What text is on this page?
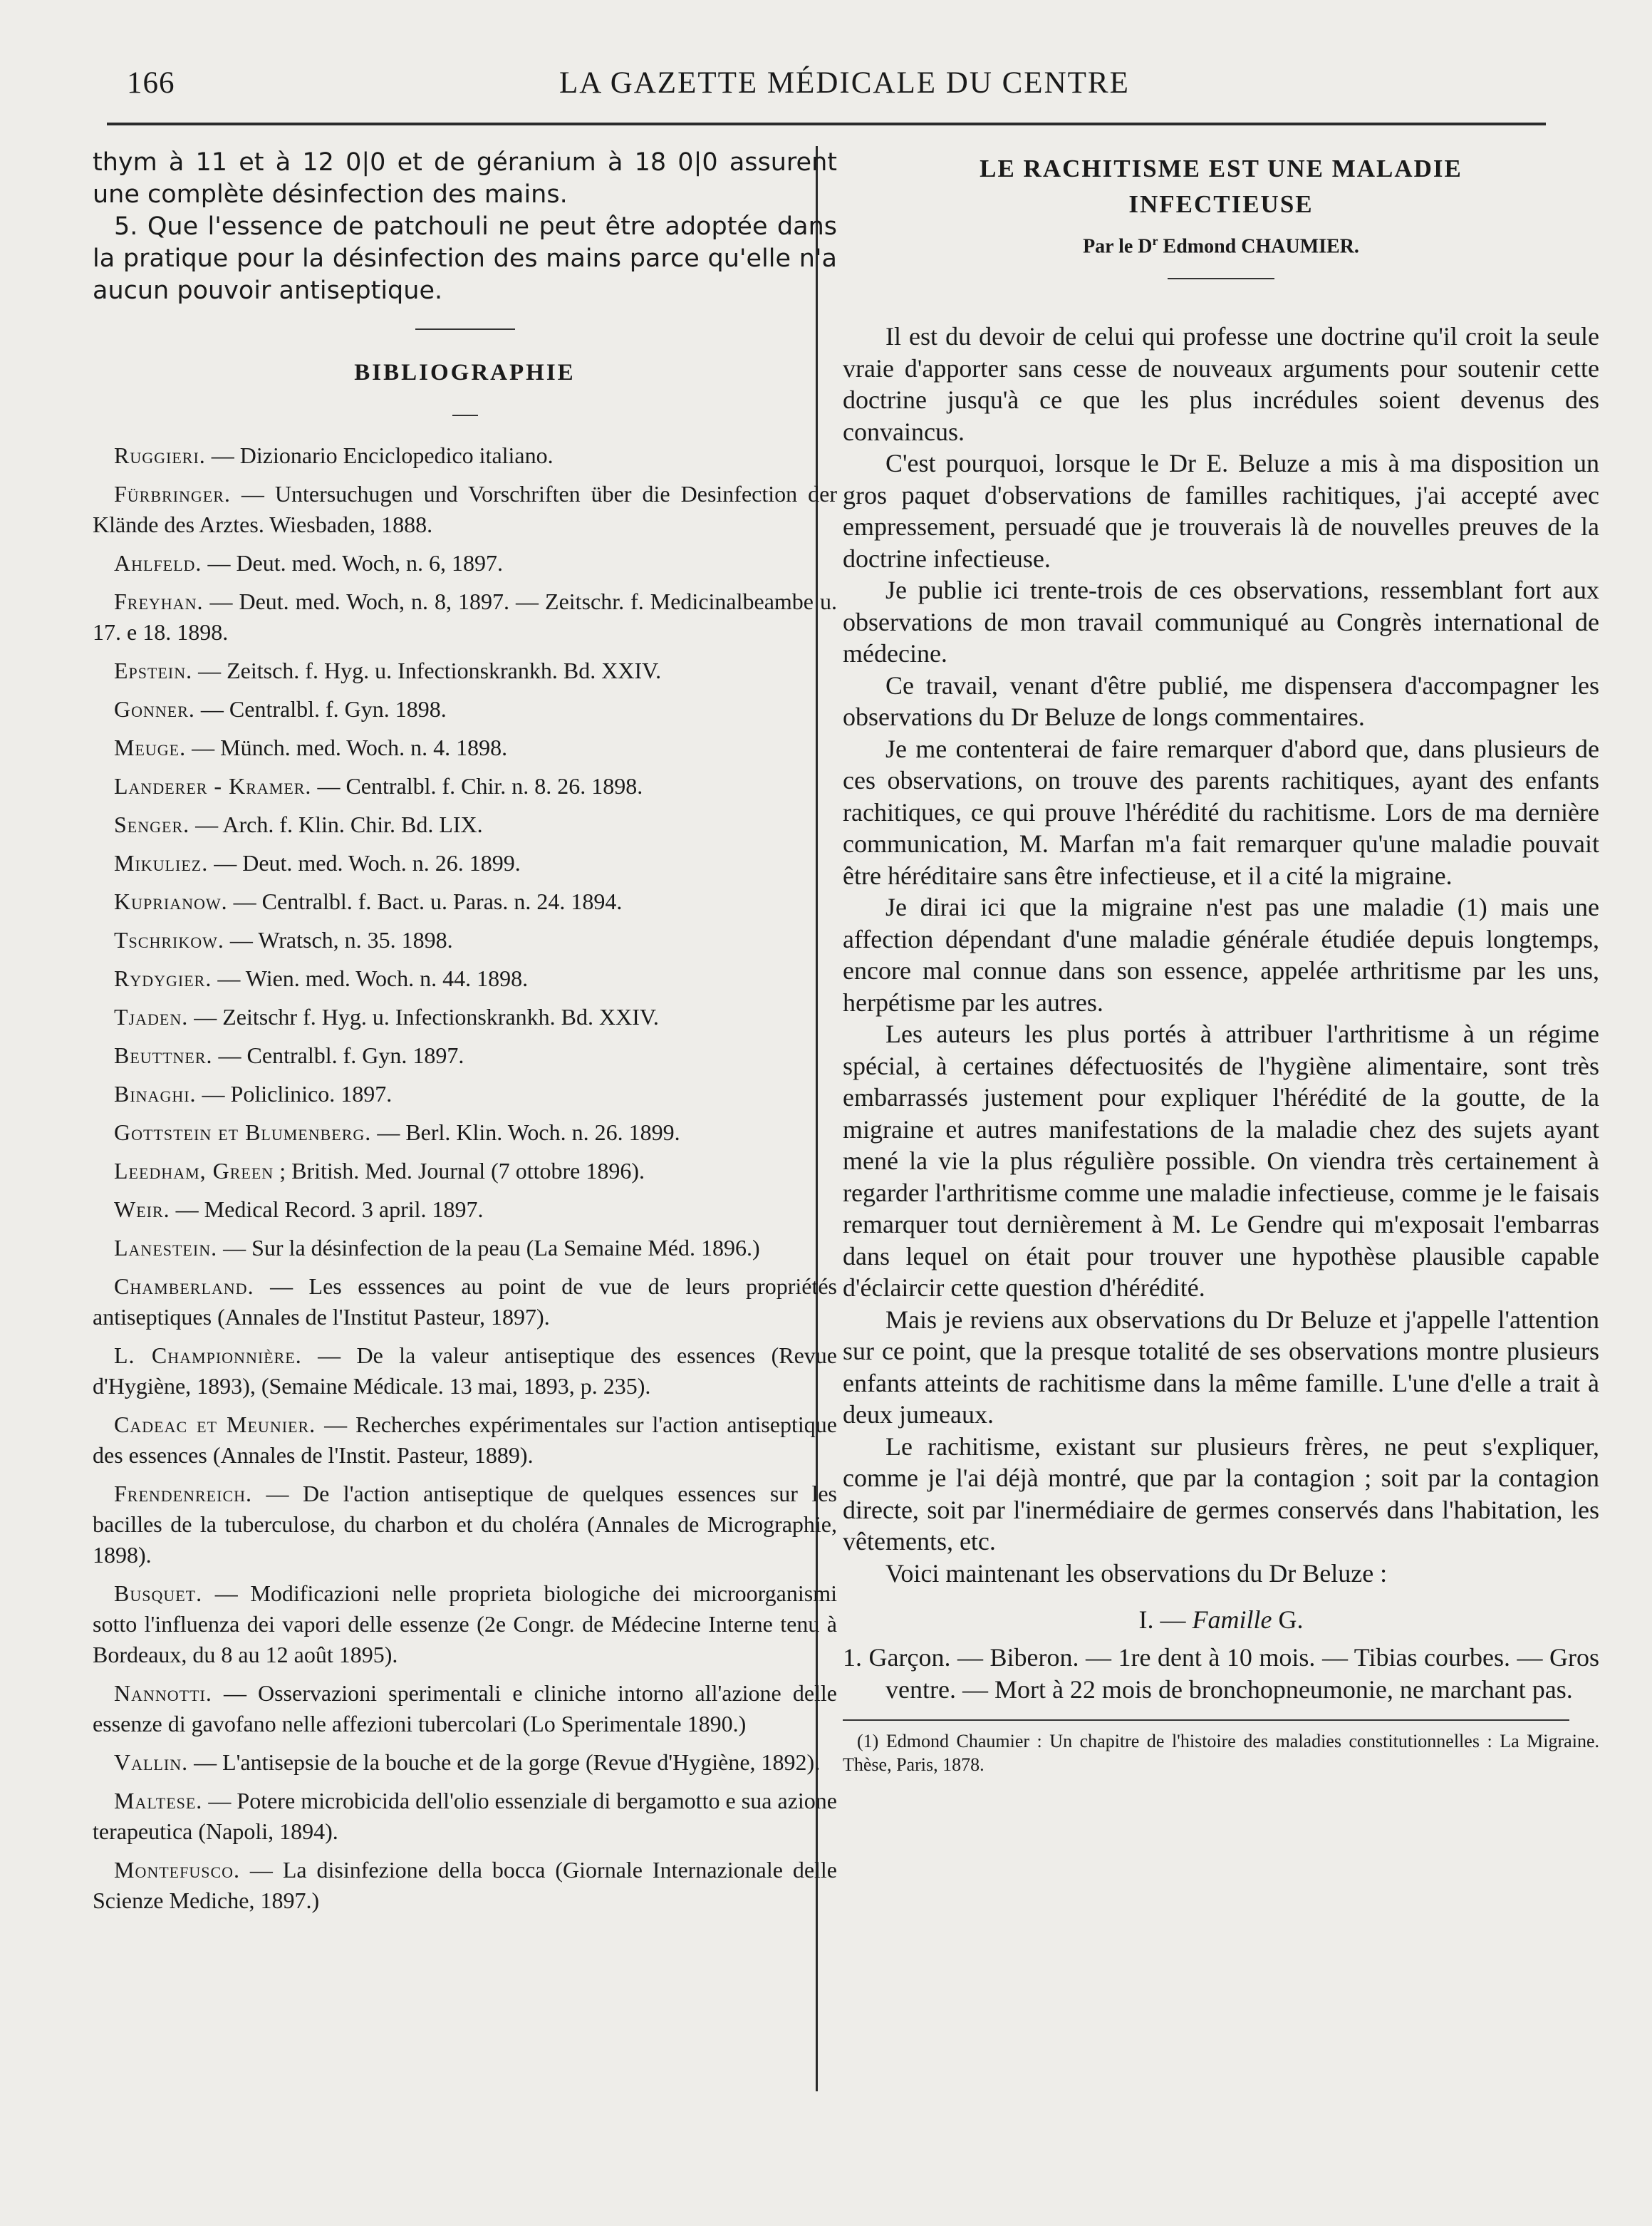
166	LA GAZETTE MÉDICALE DU CENTRE

thym à 11 et à 12 0|0 et de géranium à 18 0|0 assurent une complète désinfection des mains.

5. Que l'essence de patchouli ne peut être adoptée dans la pratique pour la désinfection des mains parce qu'elle n'a aucun pouvoir antiseptique.

BIBLIOGRAPHIE
Ruggieri. — Dizionario Enciclopedico italiano.
Fürbringer. — Untersuchugen und Vorschriften über die Desinfection der Klände des Arztes. Wiesbaden, 1888.
Ahlfeld. — Deut. med. Woch, n. 6, 1897.
Freyhan. — Deut. med. Woch, n. 8, 1897. — Zeitschr. f. Medicinalbeambe u. 17. e 18. 1898.
Epstein. — Zeitsch. f. Hyg. u. Infectionskrankh. Bd. XXIV.
Gonner. — Centralbl. f. Gyn. 1898.
Meuge. — Münch. med. Woch. n. 4. 1898.
Landerer - Kramer. — Centralbl. f. Chir. n. 8. 26. 1898.
Senger. — Arch. f. Klin. Chir. Bd. LIX.
Mikuliez. — Deut. med. Woch. n. 26. 1899.
Kuprianow. — Centralbl. f. Bact. u. Paras. n. 24. 1894.
Tschrikow. — Wratsch, n. 35. 1898.
Rydygier. — Wien. med. Woch. n. 44. 1898.
Tjaden. — Zeitschr f. Hyg. u. Infectionskrankh. Bd. XXIV.
Beuttner. — Centralbl. f. Gyn. 1897.
Binaghi. — Policlinico. 1897.
Gottstein et Blumenberg. — Berl. Klin. Woch. n. 26. 1899.
Leedham, Green ; British. Med. Journal (7 ottobre 1896).
Weir. — Medical Record. 3 april. 1897.
Lanestein. — Sur la désinfection de la peau (La Semaine Méd. 1896.)
Chamberland. — Les esssences au point de vue de leurs propriétés antiseptiques (Annales de l'Institut Pasteur, 1897).
L. Championnière. — De la valeur antiseptique des essences (Revue d'Hygiène, 1893), (Semaine Médicale. 13 mai, 1893, p. 235).
Cadeac et Meunier. — Recherches expérimentales sur l'action antiseptique des essences (Annales de l'Instit. Pasteur, 1889).
Frendenreich. — De l'action antiseptique de quelques essences sur les bacilles de la tuberculose, du charbon et du choléra (Annales de Micrographie, 1898).
Busquet. — Modificazioni nelle proprieta biologiche dei microorganismi sotto l'influenza dei vapori delle essenze (2e Congr. de Médecine Interne tenu à Bordeaux, du 8 au 12 août 1895).
Nannotti. — Osservazioni sperimentali e cliniche intorno all'azione delle essenze di gavofano nelle affezioni tubercolari (Lo Sperimentale 1890.)
Vallin. — L'antisepsie de la bouche et de la gorge (Revue d'Hygiène, 1892).
Maltese. — Potere microbicida dell'olio essenziale di bergamotto e sua azione terapeutica (Napoli, 1894).
Montefusco. — La disinfezione della bocca (Giornale Internazionale delle Scienze Mediche, 1897.)
LE RACHITISME EST UNE MALADIE
INFECTIEUSE

Par le $D^r$ Edmond CHAUMIER.

Il est du devoir de celui qui professe une doctrine qu'il croit la seule vraie d'apporter sans cesse de nouveaux arguments pour soutenir cette doctrine jusqu'à ce que les plus incrédules soient devenus des convaincus.

C'est pourquoi, lorsque le Dr E. Beluze a mis à ma disposition un gros paquet d'observations de familles rachitiques, j'ai accepté avec empressement, persuadé que je trouverais là de nouvelles preuves de la doctrine infectieuse.

Je publie ici trente-trois de ces observations, ressemblant fort aux observations de mon travail communiqué au Congrès international de médecine.

Ce travail, venant d'être publié, me dispensera d'accompagner les observations du Dr Beluze de longs commentaires.

Je me contenterai de faire remarquer d'abord que, dans plusieurs de ces observations, on trouve des parents rachitiques, ayant des enfants rachitiques, ce qui prouve l'hérédité du rachitisme. Lors de ma dernière communication, M. Marfan m'a fait remarquer qu'une maladie pouvait être héréditaire sans être infectieuse, et il a cité la migraine.

Je dirai ici que la migraine n'est pas une maladie (1) mais une affection dépendant d'une maladie générale étudiée depuis longtemps, encore mal connue dans son essence, appelée arthritisme par les uns, herpétisme par les autres.

Les auteurs les plus portés à attribuer l'arthritisme à un régime spécial, à certaines défectuosités de l'hygiène alimentaire, sont très embarrassés justement pour expliquer l'hérédité de la goutte, de la migraine et autres manifestations de la maladie chez des sujets ayant mené la vie la plus régulière possible. On viendra très certainement à regarder l'arthritisme comme une maladie infectieuse, comme je le faisais remarquer tout dernièrement à M. Le Gendre qui m'exposait l'embarras dans lequel on était pour trouver une hypothèse plausible capable d'éclaircir cette question d'hérédité.

Mais je reviens aux observations du Dr Beluze et j'appelle l'attention sur ce point, que la presque totalité de ses observations montre plusieurs enfants atteints de rachitisme dans la même famille. L'une d'elle a trait à deux jumeaux.

Le rachitisme, existant sur plusieurs frères, ne peut s'expliquer, comme je l'ai déjà montré, que par la contagion ; soit par la contagion directe, soit par l'inermédiaire de germes conservés dans l'habitation, les vêtements, etc.

Voici maintenant les observations du Dr Beluze :

I. — Famille G.

1. Garçon. — Biberon. — 1re dent à 10 mois. — Tibias courbes. — Gros ventre. — Mort à 22 mois de bronchopneumonie, ne marchant pas.

(1) Edmond Chaumier : Un chapitre de l'histoire des maladies constitutionnelles : La Migraine. Thèse, Paris, 1878.
